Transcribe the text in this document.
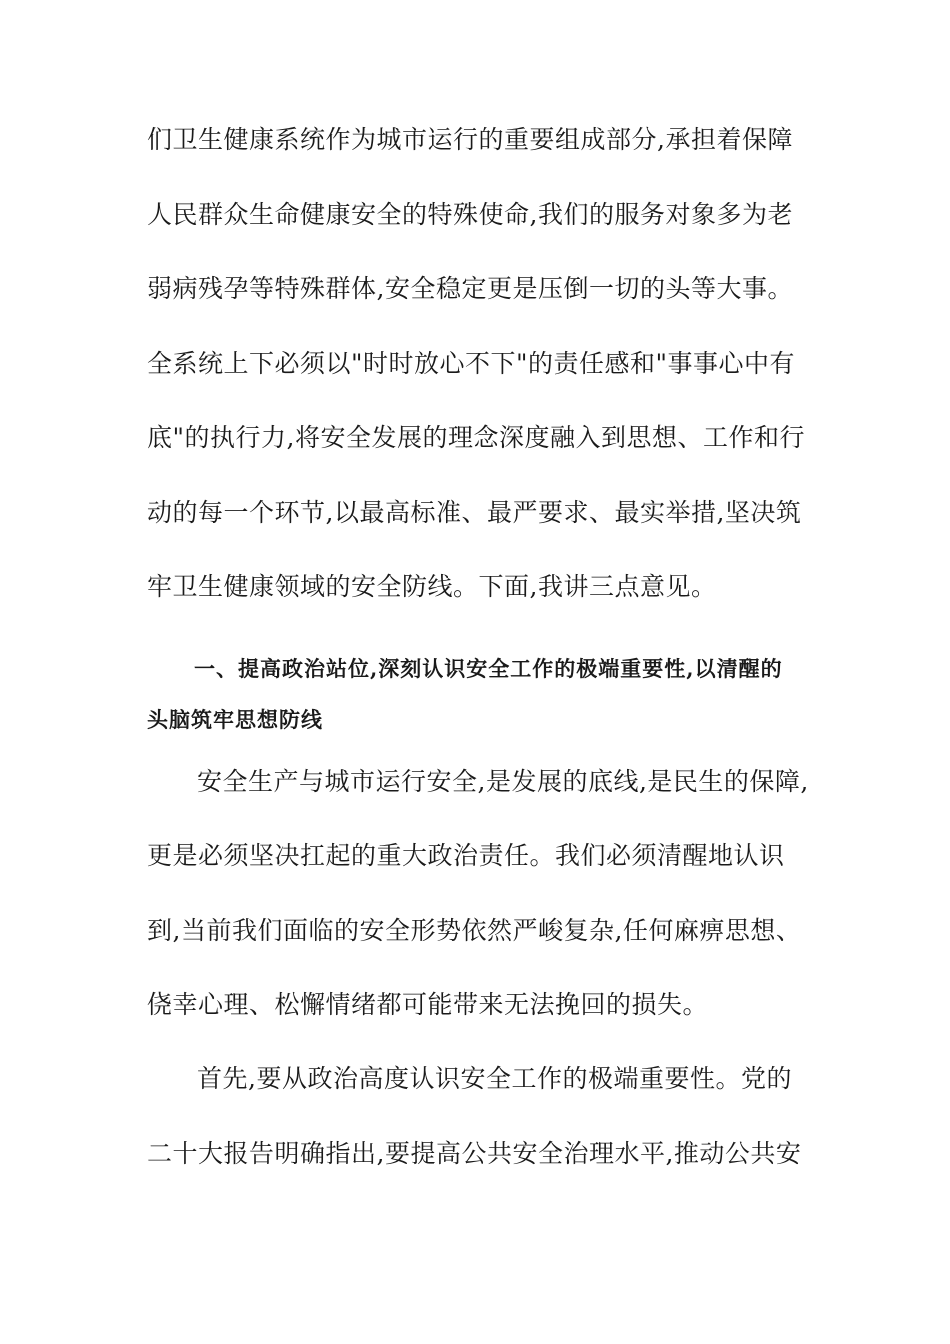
们卫生健康系统作为城市运行的重要组成部分,承担着保障
人民群众生命健康安全的特殊使命,我们的服务对象多为老
弱病残孕等特殊群体,安全稳定更是压倒一切的头等大事。
全系统上下必须以"时时放心不下"的责任感和"事事心中有
底"的执行力,将安全发展的理念深度融入到思想、工作和行
动的每一个环节,以最高标准、最严要求、最实举措,坚决筑
牢卫生健康领域的安全防线。下面,我讲三点意见。
一、提高政治站位,深刻认识安全工作的极端重要性,以清醒的
头脑筑牢思想防线
安全生产与城市运行安全,是发展的底线,是民生的保障,
更是必须坚决扛起的重大政治责任。我们必须清醒地认识
到,当前我们面临的安全形势依然严峻复杂,任何麻痹思想、
侥幸心理、松懈情绪都可能带来无法挽回的损失。
首先,要从政治高度认识安全工作的极端重要性。党的
二十大报告明确指出,要提高公共安全治理水平,推动公共安
